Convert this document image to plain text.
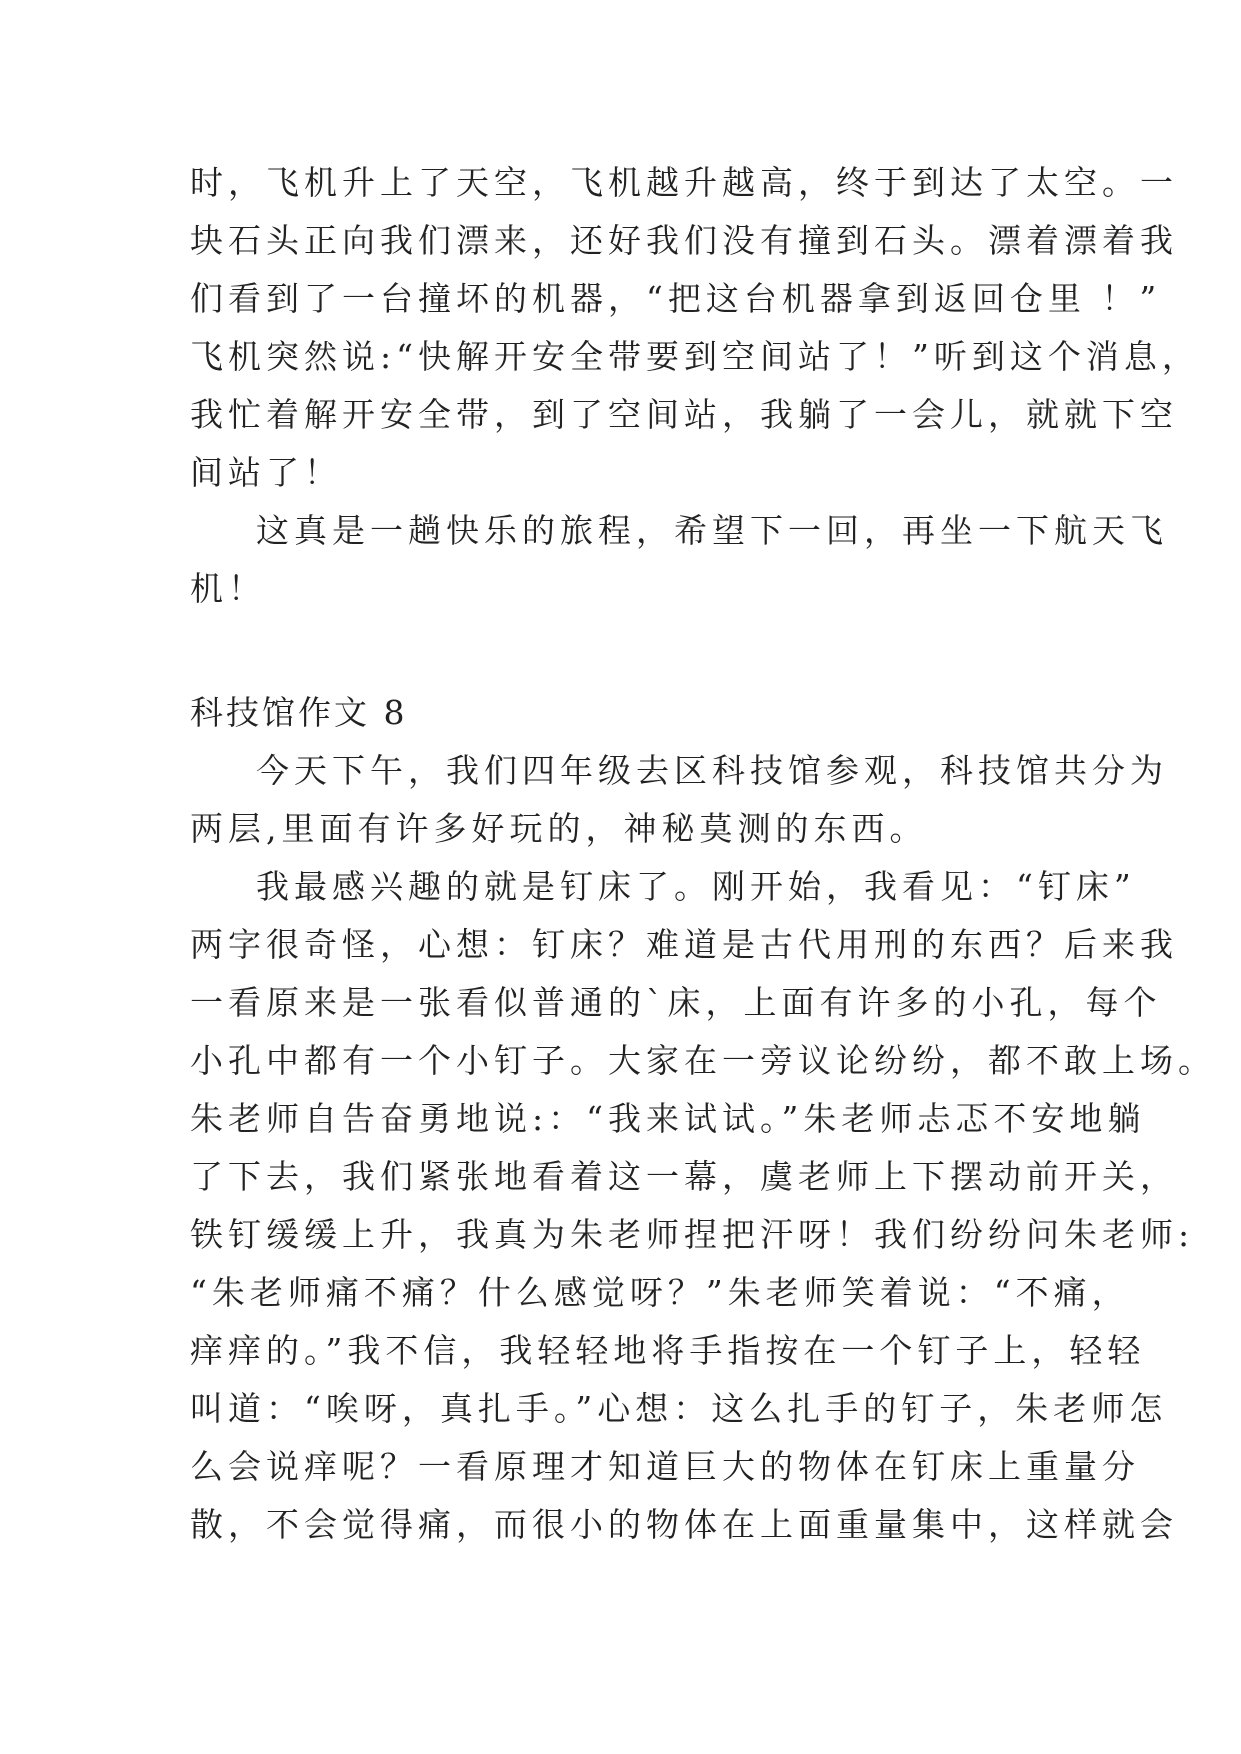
时，飞机升上了天空，飞机越升越高，终于到达了太空。一
块石头正向我们漂来，还好我们没有撞到石头。漂着漂着我
们看到了一台撞坏的机器，“把这台机器拿到返回仓里 ！”
飞机突然说:“快解开安全带要到空间站了！”听到这个消息，
我忙着解开安全带，到了空间站，我躺了一会儿，就就下空
间站了！
这真是一趟快乐的旅程，希望下一回，再坐一下航天飞
机！
科技馆作文 8
今天下午，我们四年级去区科技馆参观，科技馆共分为
两层,里面有许多好玩的，神秘莫测的东西。
我最感兴趣的就是钉床了。刚开始，我看见：“钉床”
两字很奇怪，心想：钉床？难道是古代用刑的东西？后来我
一看原来是一张看似普通的`床，上面有许多的小孔，每个
小孔中都有一个小钉子。大家在一旁议论纷纷，都不敢上场。
朱老师自告奋勇地说:：“我来试试。”朱老师忐忑不安地躺
了下去，我们紧张地看着这一幕，虞老师上下摆动前开关，
铁钉缓缓上升，我真为朱老师捏把汗呀！我们纷纷问朱老师:
“朱老师痛不痛？什么感觉呀？”朱老师笑着说：“不痛，
痒痒的。”我不信，我轻轻地将手指按在一个钉子上，轻轻
叫道：“唉呀，真扎手。”心想：这么扎手的钉子，朱老师怎
么会说痒呢？一看原理才知道巨大的物体在钉床上重量分
散，不会觉得痛，而很小的物体在上面重量集中，这样就会
